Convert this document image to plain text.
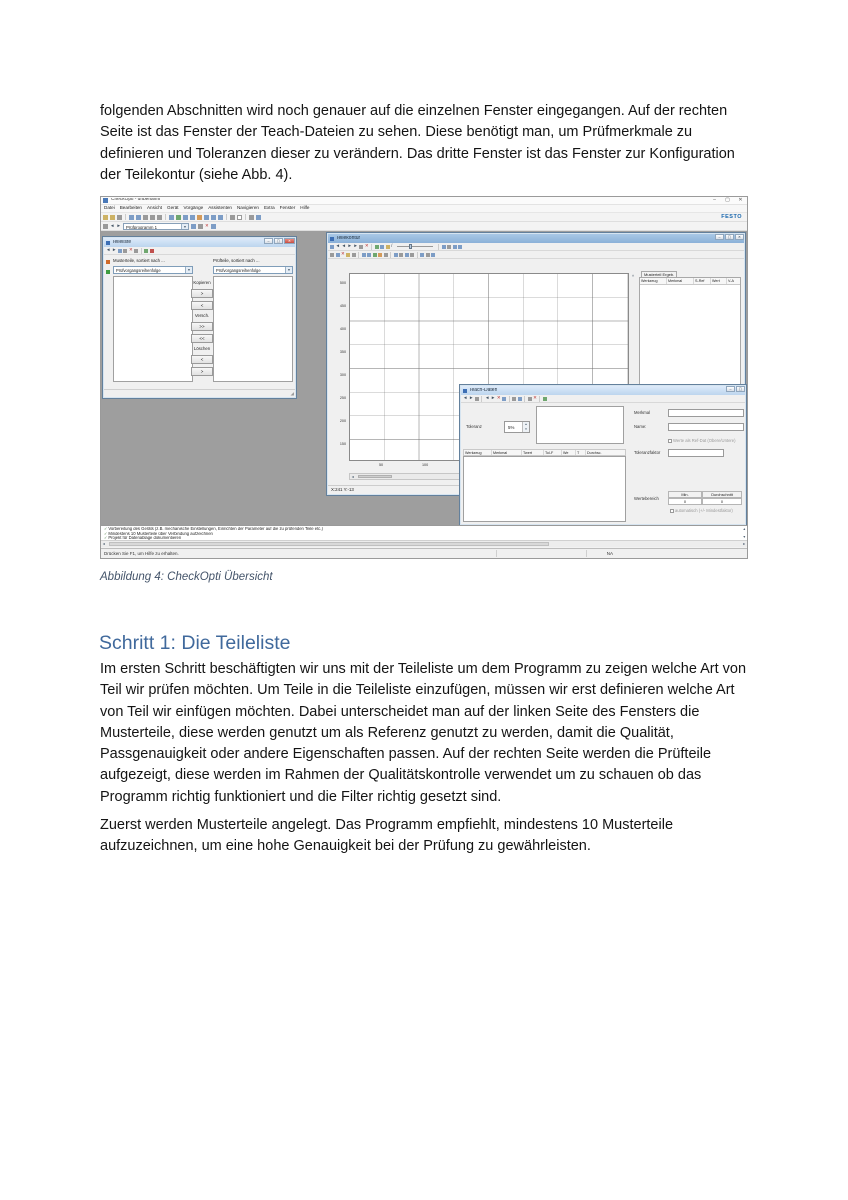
folgenden Abschnitten wird noch genauer auf die einzelnen Fenster eingegangen. Auf der rechten Seite ist das Fenster der Teach-Dateien zu sehen. Diese benötigt man, um Prüfmerkmale zu definieren und Toleranzen dieser zu verändern. Das dritte Fenster ist das Fenster zur Konfiguration der Teilekontur (siehe Abb. 4).
CheckOpti - unbenannt	–	▢	✕
Datei Bearbeiten Ansicht Gerät Vorgänge Assistenten Navigieren Extra Fenster Hilfe
FESTO
◄ ►	Prüfprogramm 1	▼	✕
Teileliste	–	▢	✕
◄ ►	✕
Musterteile, sortiert nach ...
Prüfvorgangsreihenfolge	▼
Prüfteile, sortiert nach ...
Prüfvorgangsreihenfolge	▼
Kopieren
>
<
Versch.
>>
<<
Löschen
<
>
◢
Teilekontur	–	▢	✕
◄ ◄ ► ► ✕	/
✕
500
450
400
350
300
250
200
150
50	100
^	Musterteil Ergeb.
Werkzeug	Merkmal	S-Ref	Wert	V-A
◄
X:241 Y:-13
Teach-Daten	–	▢
◄ ►	◄ ► ✕	✕
Toleranz	5%
▲
▼
Werkzeug	Merkmal	Twert	Tol-F	We	T	Durchsc.
Merkmal
Name:
Werte als Ref-Dat (Obere/Untere)
Toleranzfaktor
Wertebereich
Min.	Durchschnitt
0	0
automatisch (+/- Mindestfaktor)
✓Vorbereitung des Geräts (z.B. mechanische Einstellungen, Einrichten der Parameter auf die zu prüfenden Teile etc.)
✓Mindestens 10 Musterteile über Verbindung aufzeichnen
✓Projekt für Datenablage dokumentieren
▲
▼
◄	►
Drücken Sie F1, um Hilfe zu erhalten.	NA
Abbildung 4: CheckOpti Übersicht
Schritt 1: Die Teileliste
Im ersten Schritt beschäftigten wir uns mit der Teileliste um dem Programm zu zeigen welche Art von Teil wir prüfen möchten. Um Teile in die Teileliste einzufügen, müssen wir erst definieren welche Art von Teil wir einfügen möchten. Dabei unterscheidet man auf der linken Seite des Fensters die Musterteile, diese werden genutzt um als Referenz genutzt zu werden, damit die Qualität, Passgenauigkeit oder andere Eigenschaften passen. Auf der rechten Seite werden die Prüfteile aufgezeigt, diese werden im Rahmen der Qualitätskontrolle verwendet um zu schauen ob das Programm richtig funktioniert und die Filter richtig gesetzt sind.
Zuerst werden Musterteile angelegt. Das Programm empfiehlt, mindestens 10 Musterteile aufzuzeichnen, um eine hohe Genauigkeit bei der Prüfung zu gewährleisten.
